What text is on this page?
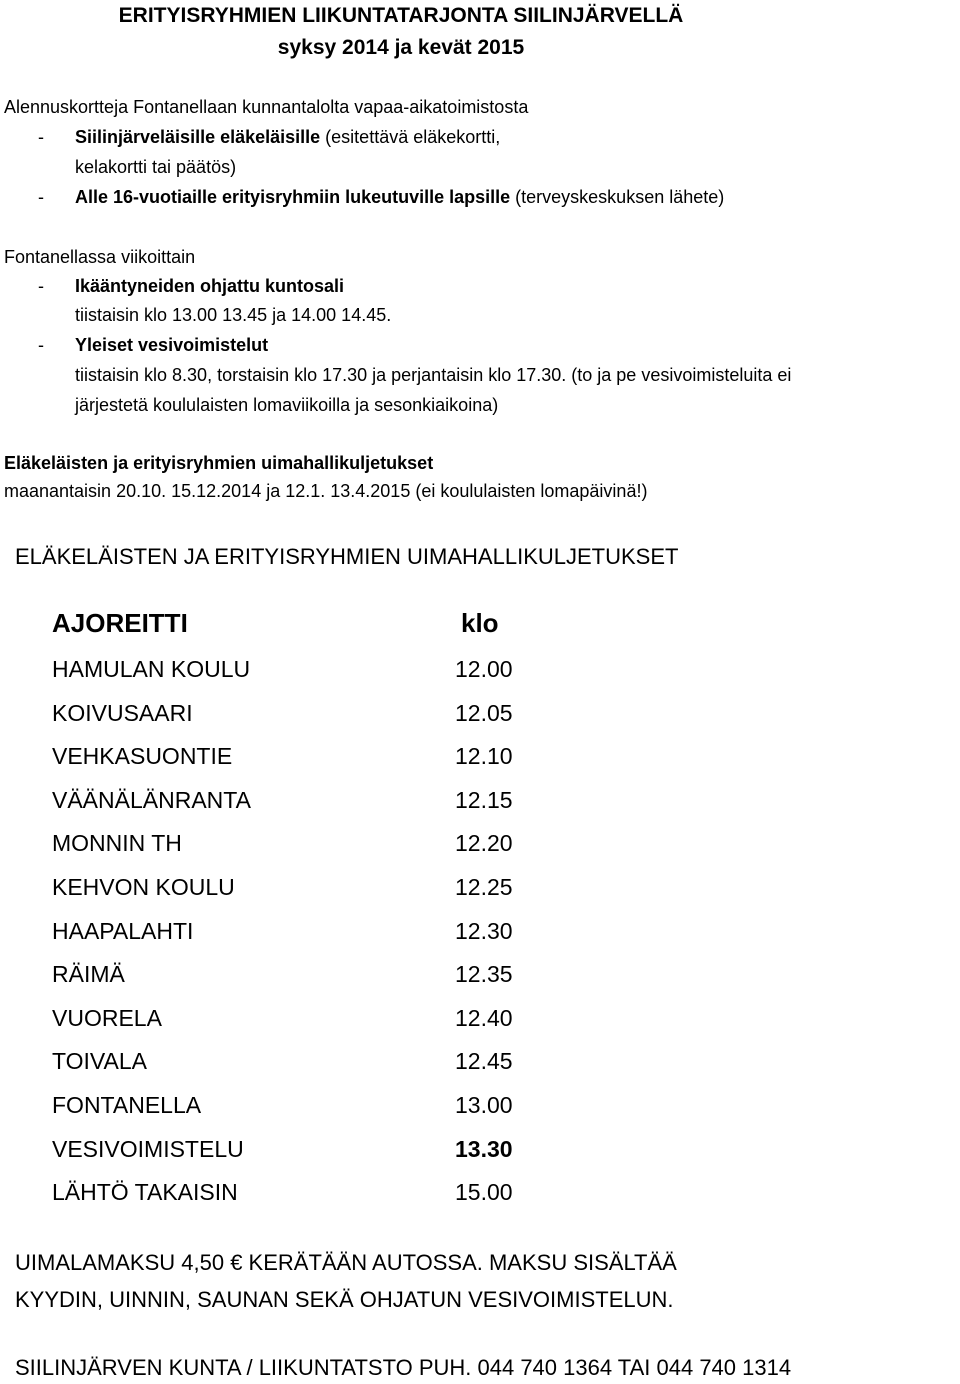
ERITYISRYHMIEN LIIKUNTATARJONTA SIILINJÄRVELLÄ
syksy 2014 ja kevät 2015
Alennuskortteja Fontanellaan kunnantalolta vapaa-aikatoimistosta
- Siilinjärveläisille eläkeläisille (esitettävä eläkekortti,
kelakortti tai päätös)
- Alle 16-vuotiaille erityisryhmiin lukeutuville lapsille (terveyskeskuksen lähete)
Fontanellassa viikoittain
- Ikääntyneiden ohjattu kuntosali
tiistaisin klo 13.00 13.45 ja 14.00 14.45.
- Yleiset vesivoimistelut
tiistaisin klo 8.30, torstaisin klo 17.30 ja perjantaisin klo 17.30. (to ja pe vesivoimisteluita ei
järjestetä koululaisten lomaviikoilla ja sesonkiaikoina)
Eläkeläisten ja erityisryhmien uimahallikuljetukset
maanantaisin 20.10. 15.12.2014 ja 12.1. 13.4.2015 (ei koululaisten lomapäivinä!)
ELÄKELÄISTEN JA ERITYISRYHMIEN UIMAHALLIKULJETUKSET
AJOREITTI	klo
HAMULAN KOULU	12.00
KOIVUSAARI	12.05
VEHKASUONTIE	12.10
VÄÄNÄLÄNRANTA	12.15
MONNIN TH	12.20
KEHVON KOULU	12.25
HAAPALAHTI	12.30
RÄIMÄ	12.35
VUORELA	12.40
TOIVALA	12.45
FONTANELLA	13.00
VESIVOIMISTELU	13.30
LÄHTÖ TAKAISIN	15.00
UIMALAMAKSU 4,50 € KERÄTÄÄN AUTOSSA. MAKSU SISÄLTÄÄ
KYYDIN, UINNIN, SAUNAN SEKÄ OHJATUN VESIVOIMISTELUN.
SIILINJÄRVEN KUNTA / LIIKUNTATSTO PUH. 044 740 1364 TAI 044 740 1314
